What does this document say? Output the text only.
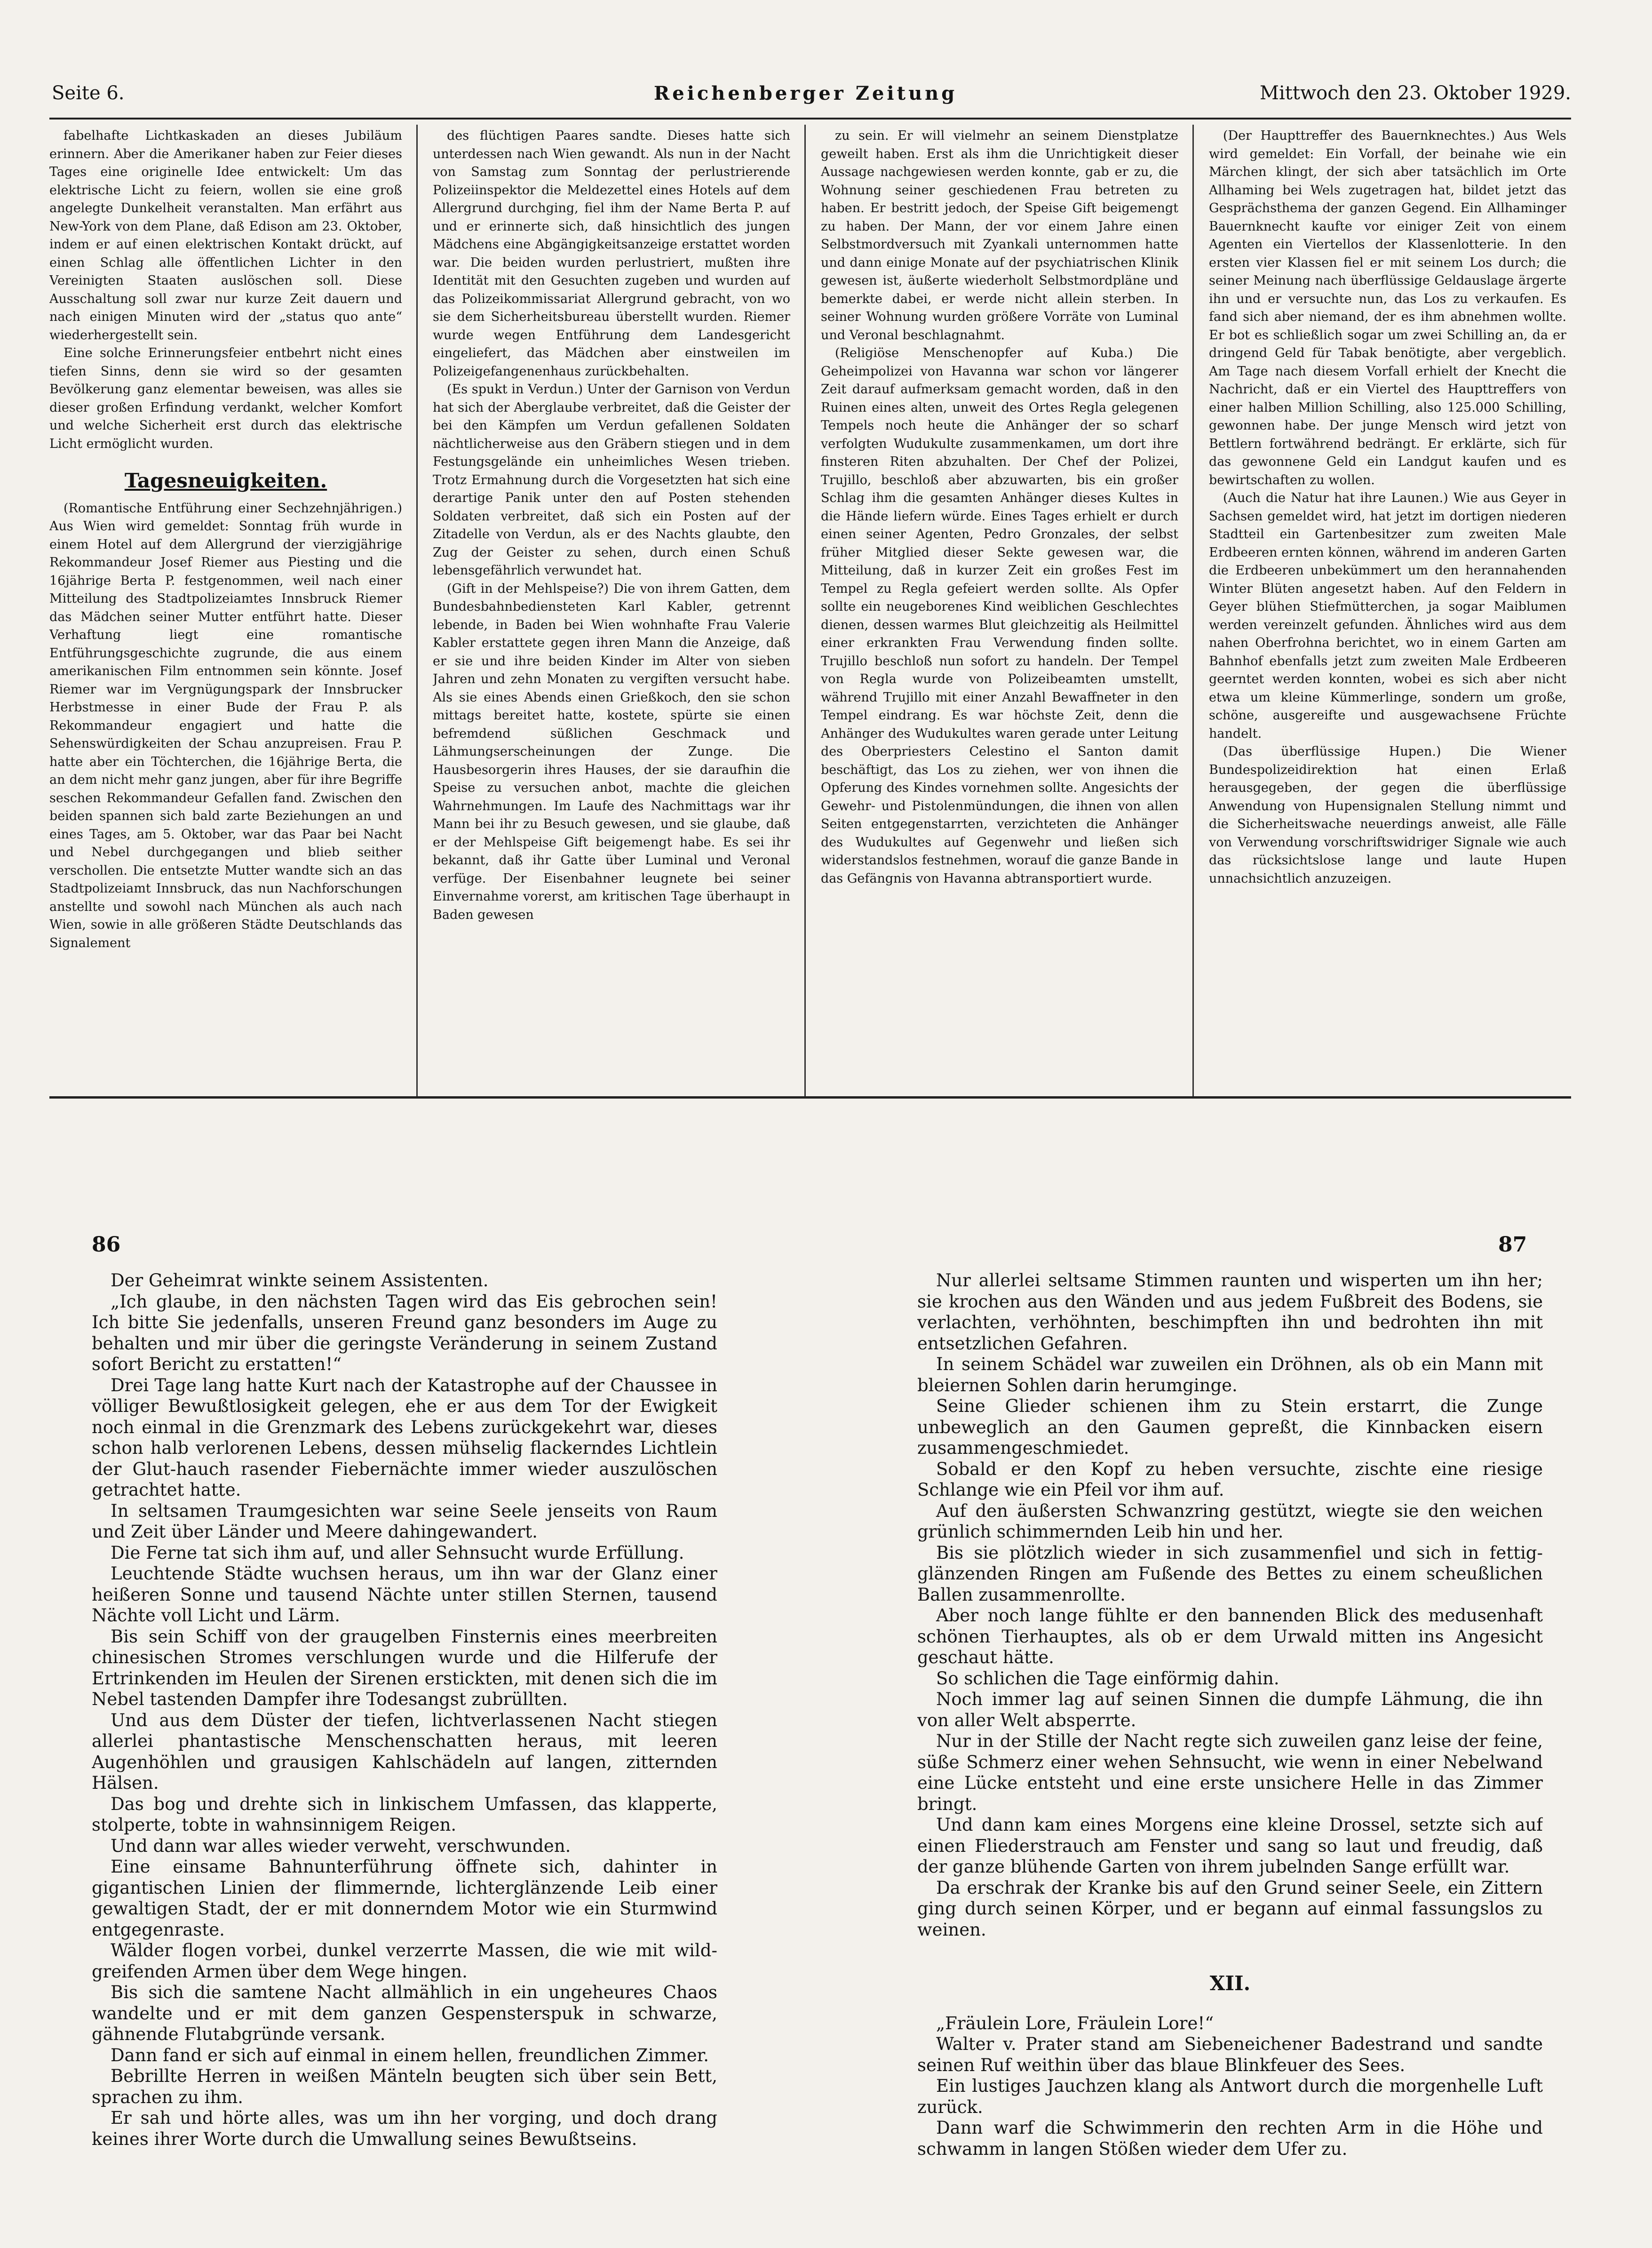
Seite 6.	Reichenberger Zeitung	Mittwoch den 23. Oktober 1929.

fabelhafte Lichtkaskaden an dieses Jubiläum erinnern. Aber die Amerikaner haben zur Feier dieses Tages eine originelle Idee entwickelt: Um das elektrische Licht zu feiern, wollen sie eine groß angelegte Dunkelheit veranstalten. Man erfährt aus New-York von dem Plane, daß Edison am 23. Oktober, indem er auf einen elektrischen Kontakt drückt, auf einen Schlag alle öffentlichen Lichter in den Vereinigten Staaten auslöschen soll. Diese Ausschaltung soll zwar nur kurze Zeit dauern und nach einigen Minuten wird der „status quo ante“ wiederhergestellt sein.

Eine solche Erinnerungsfeier entbehrt nicht eines tiefen Sinns, denn sie wird so der gesamten Bevölkerung ganz elementar beweisen, was alles sie dieser großen Erfindung verdankt, welcher Komfort und welche Sicherheit erst durch das elektrische Licht ermöglicht wurden.

Tagesneuigkeiten.

(Romantische Entführung einer Sechzehnjährigen.) Aus Wien wird gemeldet: Sonntag früh wurde in einem Hotel auf dem Allergrund der vierzigjährige Rekommandeur Josef Riemer aus Piesting und die 16jährige Berta P. festgenommen, weil nach einer Mitteilung des Stadtpolizeiamtes Innsbruck Riemer das Mädchen seiner Mutter entführt hatte. Dieser Verhaftung liegt eine romantische Entführungsgeschichte zugrunde, die aus einem amerikanischen Film entnommen sein könnte. Josef Riemer war im Vergnügungspark der Innsbrucker Herbstmesse in einer Bude der Frau P. als Rekommandeur engagiert und hatte die Sehenswürdigkeiten der Schau anzupreisen. Frau P. hatte aber ein Töchterchen, die 16jährige Berta, die an dem nicht mehr ganz jungen, aber für ihre Begriffe seschen Rekommandeur Gefallen fand. Zwischen den beiden spannen sich bald zarte Beziehungen an und eines Tages, am 5. Oktober, war das Paar bei Nacht und Nebel durchgegangen und blieb seither verschollen. Die entsetzte Mutter wandte sich an das Stadtpolizeiamt Innsbruck, das nun Nachforschungen anstellte und sowohl nach München als auch nach Wien, sowie in alle größeren Städte Deutschlands das Signalement

des flüchtigen Paares sandte. Dieses hatte sich unterdessen nach Wien gewandt. Als nun in der Nacht von Samstag zum Sonntag der perlustrierende Polizeiinspektor die Meldezettel eines Hotels auf dem Allergrund durchging, fiel ihm der Name Berta P. auf und er erinnerte sich, daß hinsichtlich des jungen Mädchens eine Abgängigkeitsanzeige erstattet worden war. Die beiden wurden perlustriert, mußten ihre Identität mit den Gesuchten zugeben und wurden auf das Polizeikommissariat Allergrund gebracht, von wo sie dem Sicherheitsbureau überstellt wurden. Riemer wurde wegen Entführung dem Landesgericht eingeliefert, das Mädchen aber einstweilen im Polizeigefangenenhaus zurückbehalten.

(Es spukt in Verdun.) Unter der Garnison von Verdun hat sich der Aberglaube verbreitet, daß die Geister der bei den Kämpfen um Verdun gefallenen Soldaten nächtlicherweise aus den Gräbern stiegen und in dem Festungsgelände ein unheimliches Wesen trieben. Trotz Ermahnung durch die Vorgesetzten hat sich eine derartige Panik unter den auf Posten stehenden Soldaten verbreitet, daß sich ein Posten auf der Zitadelle von Verdun, als er des Nachts glaubte, den Zug der Geister zu sehen, durch einen Schuß lebensgefährlich verwundet hat.

(Gift in der Mehlspeise?) Die von ihrem Gatten, dem Bundesbahnbediensteten Karl Kabler, getrennt lebende, in Baden bei Wien wohnhafte Frau Valerie Kabler erstattete gegen ihren Mann die Anzeige, daß er sie und ihre beiden Kinder im Alter von sieben Jahren und zehn Monaten zu vergiften versucht habe. Als sie eines Abends einen Grießkoch, den sie schon mittags bereitet hatte, kostete, spürte sie einen befremdend süßlichen Geschmack und Lähmungserscheinungen der Zunge. Die Hausbesorgerin ihres Hauses, der sie daraufhin die Speise zu versuchen anbot, machte die gleichen Wahrnehmungen. Im Laufe des Nachmittags war ihr Mann bei ihr zu Besuch gewesen, und sie glaube, daß er der Mehlspeise Gift beigemengt habe. Es sei ihr bekannt, daß ihr Gatte über Luminal und Veronal verfüge. Der Eisenbahner leugnete bei seiner Einvernahme vorerst, am kritischen Tage überhaupt in Baden gewesen

zu sein. Er will vielmehr an seinem Dienstplatze geweilt haben. Erst als ihm die Unrichtigkeit dieser Aussage nachgewiesen werden konnte, gab er zu, die Wohnung seiner geschiedenen Frau betreten zu haben. Er bestritt jedoch, der Speise Gift beigemengt zu haben. Der Mann, der vor einem Jahre einen Selbstmordversuch mit Zyankali unternommen hatte und dann einige Monate auf der psychiatrischen Klinik gewesen ist, äußerte wiederholt Selbstmordpläne und bemerkte dabei, er werde nicht allein sterben. In seiner Wohnung wurden größere Vorräte von Luminal und Veronal beschlagnahmt.

(Religiöse Menschenopfer auf Kuba.) Die Geheimpolizei von Havanna war schon vor längerer Zeit darauf aufmerksam gemacht worden, daß in den Ruinen eines alten, unweit des Ortes Regla gelegenen Tempels noch heute die Anhänger der so scharf verfolgten Wudukulte zusammenkamen, um dort ihre finsteren Riten abzuhalten. Der Chef der Polizei, Trujillo, beschloß aber abzuwarten, bis ein großer Schlag ihm die gesamten Anhänger dieses Kultes in die Hände liefern würde. Eines Tages erhielt er durch einen seiner Agenten, Pedro Gronzales, der selbst früher Mitglied dieser Sekte gewesen war, die Mitteilung, daß in kurzer Zeit ein großes Fest im Tempel zu Regla gefeiert werden sollte. Als Opfer sollte ein neugeborenes Kind weiblichen Geschlechtes dienen, dessen warmes Blut gleichzeitig als Heilmittel einer erkrankten Frau Verwendung finden sollte. Trujillo beschloß nun sofort zu handeln. Der Tempel von Regla wurde von Polizeibeamten umstellt, während Trujillo mit einer Anzahl Bewaffneter in den Tempel eindrang. Es war höchste Zeit, denn die Anhänger des Wudukultes waren gerade unter Leitung des Oberpriesters Celestino el Santon damit beschäftigt, das Los zu ziehen, wer von ihnen die Opferung des Kindes vornehmen sollte. Angesichts der Gewehr- und Pistolenmündungen, die ihnen von allen Seiten entgegenstarrten, verzichteten die Anhänger des Wudukultes auf Gegenwehr und ließen sich widerstandslos festnehmen, worauf die ganze Bande in das Gefängnis von Havanna abtransportiert wurde.

(Der Haupttreffer des Bauernknechtes.) Aus Wels wird gemeldet: Ein Vorfall, der beinahe wie ein Märchen klingt, der sich aber tatsächlich im Orte Allhaming bei Wels zugetragen hat, bildet jetzt das Gesprächsthema der ganzen Gegend. Ein Allhaminger Bauernknecht kaufte vor einiger Zeit von einem Agenten ein Viertellos der Klassenlotterie. In den ersten vier Klassen fiel er mit seinem Los durch; die seiner Meinung nach überflüssige Geldauslage ärgerte ihn und er versuchte nun, das Los zu verkaufen. Es fand sich aber niemand, der es ihm abnehmen wollte. Er bot es schließlich sogar um zwei Schilling an, da er dringend Geld für Tabak benötigte, aber vergeblich. Am Tage nach diesem Vorfall erhielt der Knecht die Nachricht, daß er ein Viertel des Haupttreffers von einer halben Million Schilling, also 125.000 Schilling, gewonnen habe. Der junge Mensch wird jetzt von Bettlern fortwährend bedrängt. Er erklärte, sich für das gewonnene Geld ein Landgut kaufen und es bewirtschaften zu wollen.

(Auch die Natur hat ihre Launen.) Wie aus Geyer in Sachsen gemeldet wird, hat jetzt im dortigen niederen Stadtteil ein Gartenbesitzer zum zweiten Male Erdbeeren ernten können, während im anderen Garten die Erdbeeren unbekümmert um den herannahenden Winter Blüten angesetzt haben. Auf den Feldern in Geyer blühen Stiefmütterchen, ja sogar Maiblumen werden vereinzelt gefunden. Ähnliches wird aus dem nahen Oberfrohna berichtet, wo in einem Garten am Bahnhof ebenfalls jetzt zum zweiten Male Erdbeeren geerntet werden konnten, wobei es sich aber nicht etwa um kleine Kümmerlinge, sondern um große, schöne, ausgereifte und ausgewachsene Früchte handelt.

(Das überflüssige Hupen.) Die Wiener Bundespolizeidirektion hat einen Erlaß herausgegeben, der gegen die überflüssige Anwendung von Hupensignalen Stellung nimmt und die Sicherheitswache neuerdings anweist, alle Fälle von Verwendung vorschriftswidriger Signale wie auch das rücksichtslose lange und laute Hupen unnachsichtlich anzuzeigen.

86	87

Der Geheimrat winkte seinem Assistenten.

„Ich glaube, in den nächsten Tagen wird das Eis gebrochen sein! Ich bitte Sie jedenfalls, unseren Freund ganz besonders im Auge zu behalten und mir über die geringste Veränderung in seinem Zustand sofort Bericht zu erstatten!“

Drei Tage lang hatte Kurt nach der Katastrophe auf der Chaussee in völliger Bewußtlosigkeit gelegen, ehe er aus dem Tor der Ewigkeit noch einmal in die Grenzmark des Lebens zurückgekehrt war, dieses schon halb verlorenen Lebens, dessen mühselig flackerndes Lichtlein der Glut-hauch rasender Fiebernächte immer wieder auszulöschen getrachtet hatte.

In seltsamen Traumgesichten war seine Seele jenseits von Raum und Zeit über Länder und Meere dahingewandert.

Die Ferne tat sich ihm auf, und aller Sehnsucht wurde Erfüllung.

Leuchtende Städte wuchsen heraus, um ihn war der Glanz einer heißeren Sonne und tausend Nächte unter stillen Sternen, tausend Nächte voll Licht und Lärm.

Bis sein Schiff von der graugelben Finsternis eines meerbreiten chinesischen Stromes verschlungen wurde und die Hilferufe der Ertrinkenden im Heulen der Sirenen erstickten, mit denen sich die im Nebel tastenden Dampfer ihre Todesangst zubrüllten.

Und aus dem Düster der tiefen, lichtverlassenen Nacht stiegen allerlei phantastische Menschenschatten heraus, mit leeren Augenhöhlen und grausigen Kahlschädeln auf langen, zitternden Hälsen.

Das bog und drehte sich in linkischem Umfassen, das klapperte, stolperte, tobte in wahnsinnigem Reigen.

Und dann war alles wieder verweht, verschwunden.

Eine einsame Bahnunterführung öffnete sich, dahinter in gigantischen Linien der flimmernde, lichterglänzende Leib einer gewaltigen Stadt, der er mit donnerndem Motor wie ein Sturmwind entgegenraste.

Wälder flogen vorbei, dunkel verzerrte Massen, die wie mit wild-greifenden Armen über dem Wege hingen.

Bis sich die samtene Nacht allmählich in ein ungeheures Chaos wandelte und er mit dem ganzen Gespensterspuk in schwarze, gähnende Flutabgründe versank.

Dann fand er sich auf einmal in einem hellen, freundlichen Zimmer.

Bebrillte Herren in weißen Mänteln beugten sich über sein Bett, sprachen zu ihm.

Er sah und hörte alles, was um ihn her vorging, und doch drang keines ihrer Worte durch die Umwallung seines Bewußtseins.

Nur allerlei seltsame Stimmen raunten und wisperten um ihn her; sie krochen aus den Wänden und aus jedem Fußbreit des Bodens, sie verlachten, verhöhnten, beschimpften ihn und bedrohten ihn mit entsetzlichen Gefahren.

In seinem Schädel war zuweilen ein Dröhnen, als ob ein Mann mit bleiernen Sohlen darin herumginge.

Seine Glieder schienen ihm zu Stein erstarrt, die Zunge unbeweglich an den Gaumen gepreßt, die Kinnbacken eisern zusammengeschmiedet.

Sobald er den Kopf zu heben versuchte, zischte eine riesige Schlange wie ein Pfeil vor ihm auf.

Auf den äußersten Schwanzring gestützt, wiegte sie den weichen grünlich schimmernden Leib hin und her.

Bis sie plötzlich wieder in sich zusammenfiel und sich in fettig-glänzenden Ringen am Fußende des Bettes zu einem scheußlichen Ballen zusammenrollte.

Aber noch lange fühlte er den bannenden Blick des medusenhaft schönen Tierhauptes, als ob er dem Urwald mitten ins Angesicht geschaut hätte.

So schlichen die Tage einförmig dahin.

Noch immer lag auf seinen Sinnen die dumpfe Lähmung, die ihn von aller Welt absperrte.

Nur in der Stille der Nacht regte sich zuweilen ganz leise der feine, süße Schmerz einer wehen Sehnsucht, wie wenn in einer Nebelwand eine Lücke entsteht und eine erste unsichere Helle in das Zimmer bringt.

Und dann kam eines Morgens eine kleine Drossel, setzte sich auf einen Fliederstrauch am Fenster und sang so laut und freudig, daß der ganze blühende Garten von ihrem jubelnden Sange erfüllt war.

Da erschrak der Kranke bis auf den Grund seiner Seele, ein Zittern ging durch seinen Körper, und er begann auf einmal fassungslos zu weinen.

XII.

„Fräulein Lore, Fräulein Lore!“

Walter v. Prater stand am Siebeneichener Badestrand und sandte seinen Ruf weithin über das blaue Blinkfeuer des Sees.

Ein lustiges Jauchzen klang als Antwort durch die morgenhelle Luft zurück.

Dann warf die Schwimmerin den rechten Arm in die Höhe und schwamm in langen Stößen wieder dem Ufer zu.
